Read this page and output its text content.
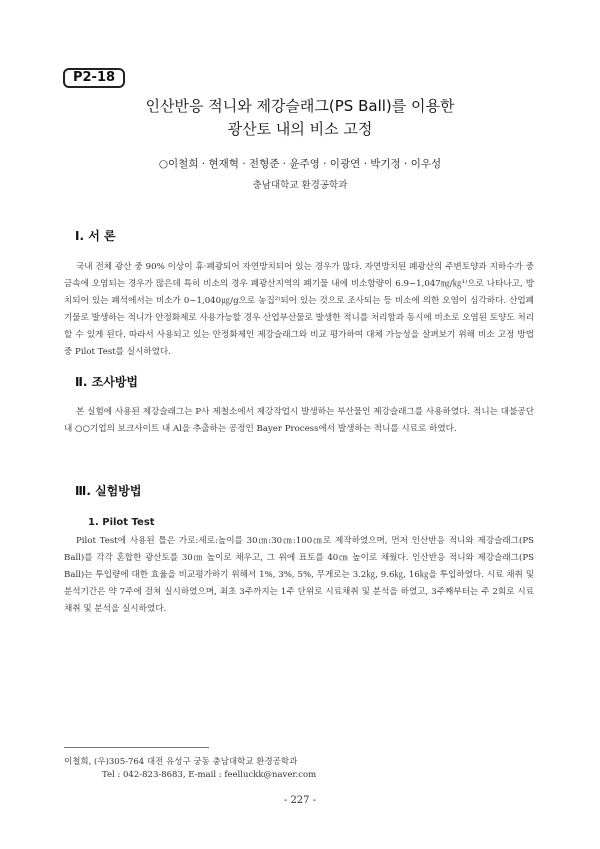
P2-18
인산반응 적니와 제강슬래그(PS Ball)를 이용한
광산토 내의 비소 고정
○이철희 · 현재혁 · 전형준 · 윤주영 · 이광연 · 박기정 · 이우성
충남대학교 환경공학과
Ⅰ. 서 론

국내 전체 광산 중 90% 이상이 휴·폐광되어 자연방치되어 있는 경우가 많다. 자연방치된 폐광산의 주변토양과 지하수가 중금속에 오염되는 경우가 많은데 특히 비소의 경우 폐광산지역의 폐기물 내에 비소함량이 6.9~1,047㎎/㎏¹⁾으로 나타나고, 방치되어 있는 폐석에서는 비소가 0~1,040㎍/g으로 농집²⁾되어 있는 것으로 조사되는 등 비소에 의한 오염이 심각하다. 산업폐기물로 발생하는 적니가 안정화제로 사용가능할 경우 산업부산물로 발생한 적니를 처리함과 동시에 비소로 오염된 토양도 처리할 수 있게 된다. 따라서 사용되고 있는 안정화제인 제강슬래그와 비교 평가하여 대체 가능성을 살펴보기 위해 비소 고정 방법 중 Pilot Test를 실시하였다.

Ⅱ. 조사방법

본 실험에 사용된 제강슬래그는 P사 제철소에서 제강작업시 발생하는 부산물인 제강슬래그를 사용하였다. 적니는 대불공단 내 ○○기업의 보크사이트 내 Al을 추출하는 공정인 Bayer Process에서 발생하는 적니를 시료로 하였다.

Ⅲ. 실험방법
1. Pilot Test

Pilot Test에 사용된 틀은 가로:세로:높이를 30㎝:30㎝:100㎝로 제작하였으며, 먼저 인산반응 적니와 제강슬래그(PS Ball)를 각각 혼합한 광산토를 30㎝ 높이로 채우고, 그 위에 표토를 40㎝ 높이로 채웠다. 인산반응 적니와 제강슬래그(PS Ball)는 투입량에 대한 효율을 비교평가하기 위해서 1%, 3%, 5%, 무게로는 3.2㎏, 9.6㎏, 16㎏을 투입하였다. 시료 채취 및 분석기간은 약 7주에 걸쳐 실시하였으며, 최초 3주까지는 1주 단위로 시료채취 및 분석을 하였고, 3주째부터는 주 2회로 시료채취 및 분석을 실시하였다.

이철희, (우)305-764 대전 유성구 궁동 충남대학교 환경공학과

Tel : 042-823-8683, E-mail : feelluckk@naver.com

- 227 -
